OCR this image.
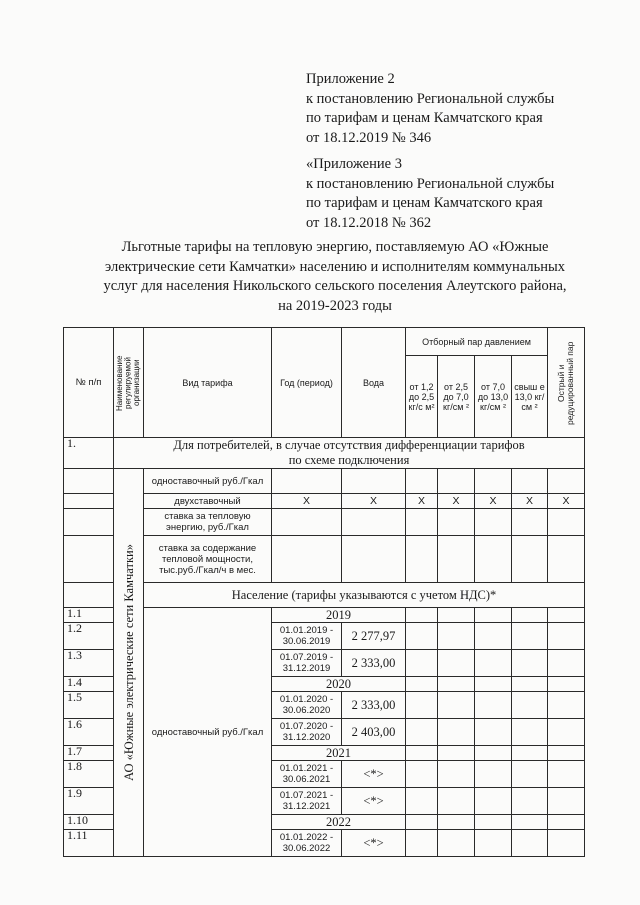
Приложение 2
к постановлению Региональной службы
по тарифам и ценам Камчатского края
от 18.12.2019 № 346
«Приложение 3
к постановлению Региональной службы
по тарифам и ценам Камчатского края
от 18.12.2018 № 362
Льготные тарифы на тепловую энергию, поставляемую АО «Южные
электрические сети Камчатки» населению и исполнителям коммунальных
услуг для населения Никольского сельского поселения Алеутского района,
на 2019-2023 годы
№ п/п	Наименование регулируемой организации	Вид тарифа	Год (период)	Вода	Отборный пар давлением				Острый и редуцированный пар

					от 1,2 до 2,5 кг/с м²	от 2,5 до 7,0 кг/см ²	от 7,0 до 13,0 кг/см ²	свыш е 13,0 кг/см ²	
1.	Для потребителей, в случае отсутствия дифференциации тарифов
по схеме подключения								

	АО «Южные электрические сети Камчатки»	одноставочный руб./Гкал							
		двухставочный	X	X	X	X	X	X	X
		ставка за тепловую энергию, руб./Гкал							
		ставка за содержание тепловой мощности, тыс.руб./Гкал/ч в мес.							
		Население (тарифы указываются с учетом НДС)*							
1.1		одноставочный руб./Гкал	2019						
1.2			01.01.2019 - 30.06.2019	2 277,97					
1.3			01.07.2019 - 31.12.2019	2 333,00					
1.4			2020						
1.5			01.01.2020 - 30.06.2020	2 333,00					
1.6			01.07.2020 - 31.12.2020	2 403,00					
1.7			2021						
1.8			01.01.2021 - 30.06.2021	<*>					
1.9			01.07.2021 - 31.12.2021	<*>					
1.10			2022						
1.11			01.01.2022 - 30.06.2022	<*>					
